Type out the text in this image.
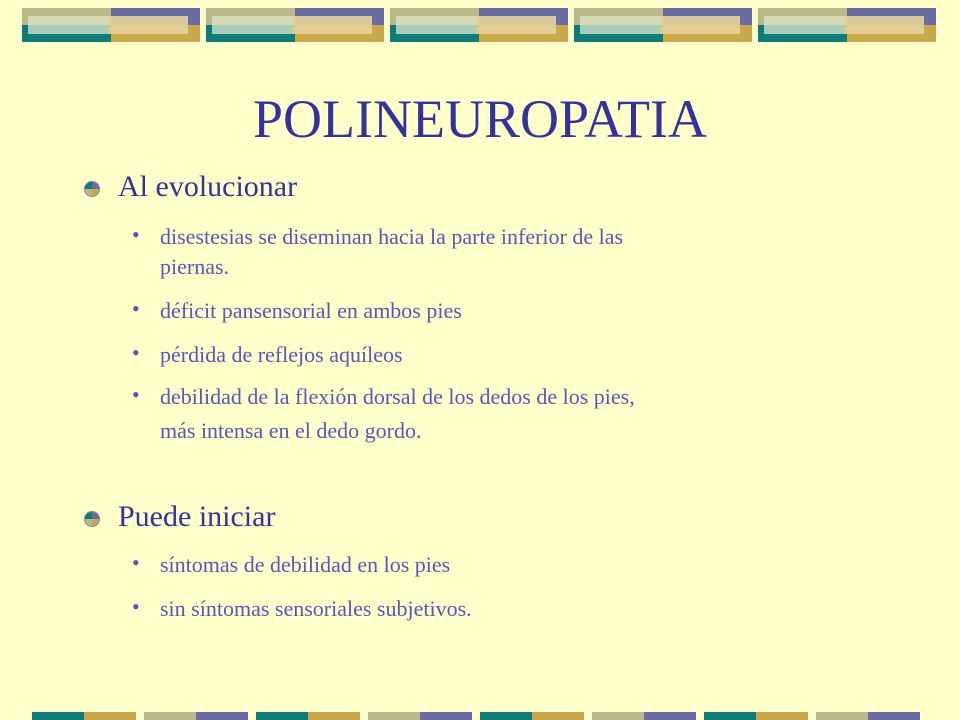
POLINEUROPATIA
Al evolucionar
• disestesias se diseminan hacia la parte inferior de las
piernas.
• déficit pansensorial en ambos pies
• pérdida de reflejos aquíleos
• debilidad de la flexión dorsal de los dedos de los pies,
más intensa en el dedo gordo.
Puede iniciar
• síntomas de debilidad en los pies
• sin síntomas sensoriales subjetivos.
